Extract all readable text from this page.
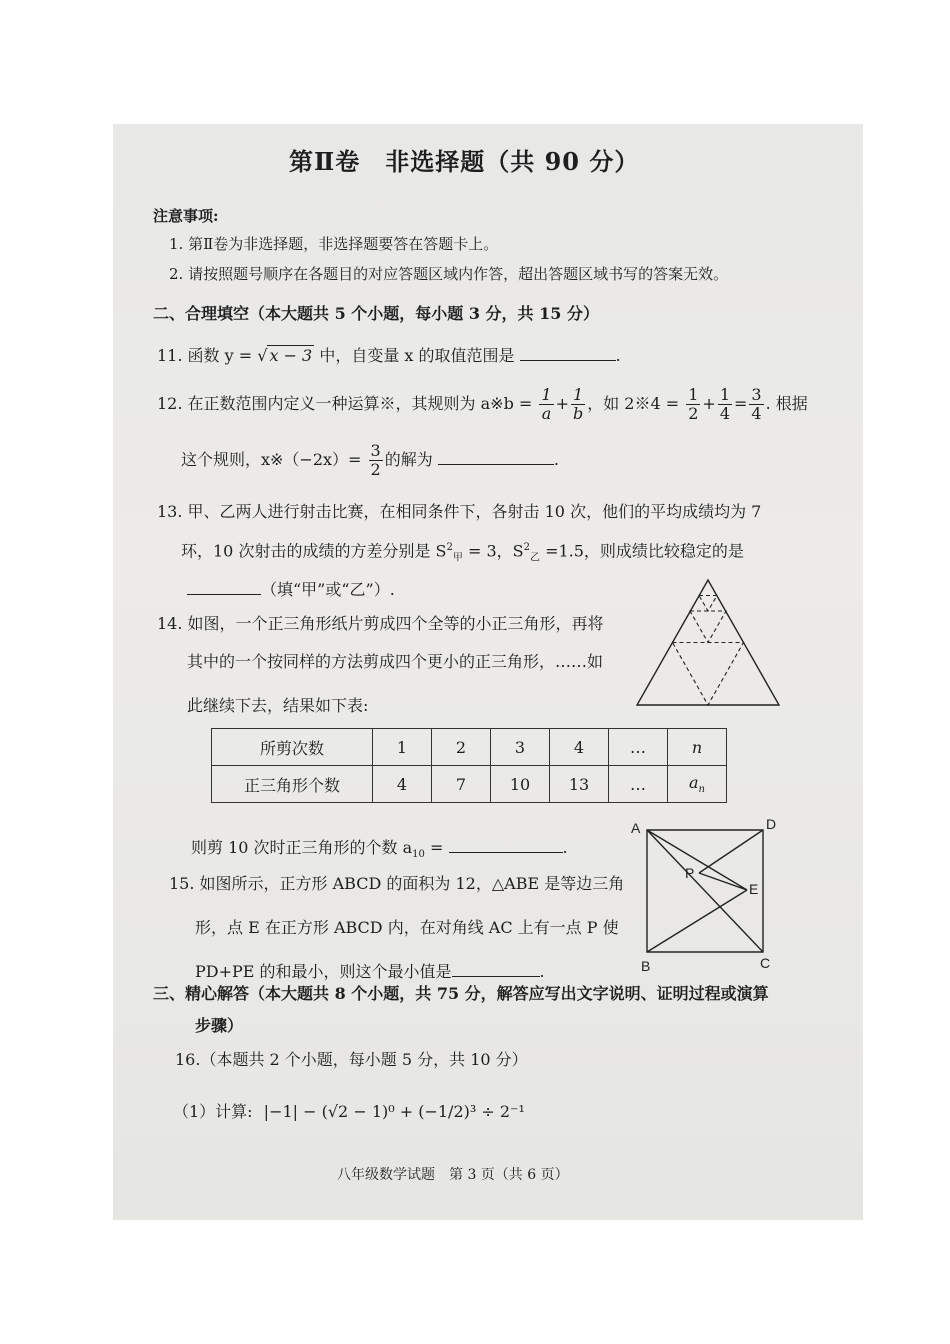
第Ⅱ卷　非选择题（共 90 分）
注意事项:
1. 第Ⅱ卷为非选择题，非选择题要答在答题卡上。
2. 请按照题号顺序在各题目的对应答题区域内作答，超出答题区域书写的答案无效。
二、合理填空（本大题共 5 个小题，每小题 3 分，共 15 分）
11. 函数 y = √ x − 3 中，自变量 x 的取值范围是	.
12. 在正数范围内定义一种运算※，其规则为 a※b = $\frac{1}{a} + \frac{1}{b}$ ，如 2※4 = $\frac{1}{2} + \frac{1}{4} = \frac{3}{4}$ . 根据
这个规则，x※（−2x）= $\frac{3}{2}$ 的解为	.
13. 甲、乙两人进行射击比赛，在相同条件下，各射击 10 次，他们的平均成绩均为 7
环，10 次射击的成绩的方差分别是 $S^2_甲 = 3$，$S^2_乙 =1.5$，则成绩比较稳定的是
（填“甲”或“乙”）.
14. 如图，一个正三角形纸片剪成四个全等的小正三角形，再将
其中的一个按同样的方法剪成四个更小的正三角形，……如
此继续下去，结果如下表:
所剪次数	1	2	3	4	…	n
正三角形个数	4	7	10	13	…	$a_n$
则剪 10 次时正三角形的个数 $a_{10}$ =	.
15. 如图所示，正方形 ABCD 的面积为 12，△ABE 是等边三角
形，点 E 在正方形 ABCD 内，在对角线 AC 上有一点 P 使
PD+PE 的和最小，则这个最小值是	.
A	D
E
P
B	C
三、精心解答（本大题共 8 个小题，共 75 分，解答应写出文字说明、证明过程或演算
步骤）
16.（本题共 2 个小题，每小题 5 分，共 10 分）
（1）计算: |−1| − (√2 − 1)⁰ + (−1/2)³ ÷ 2⁻¹
八年级数学试题　第 3 页（共 6 页）
